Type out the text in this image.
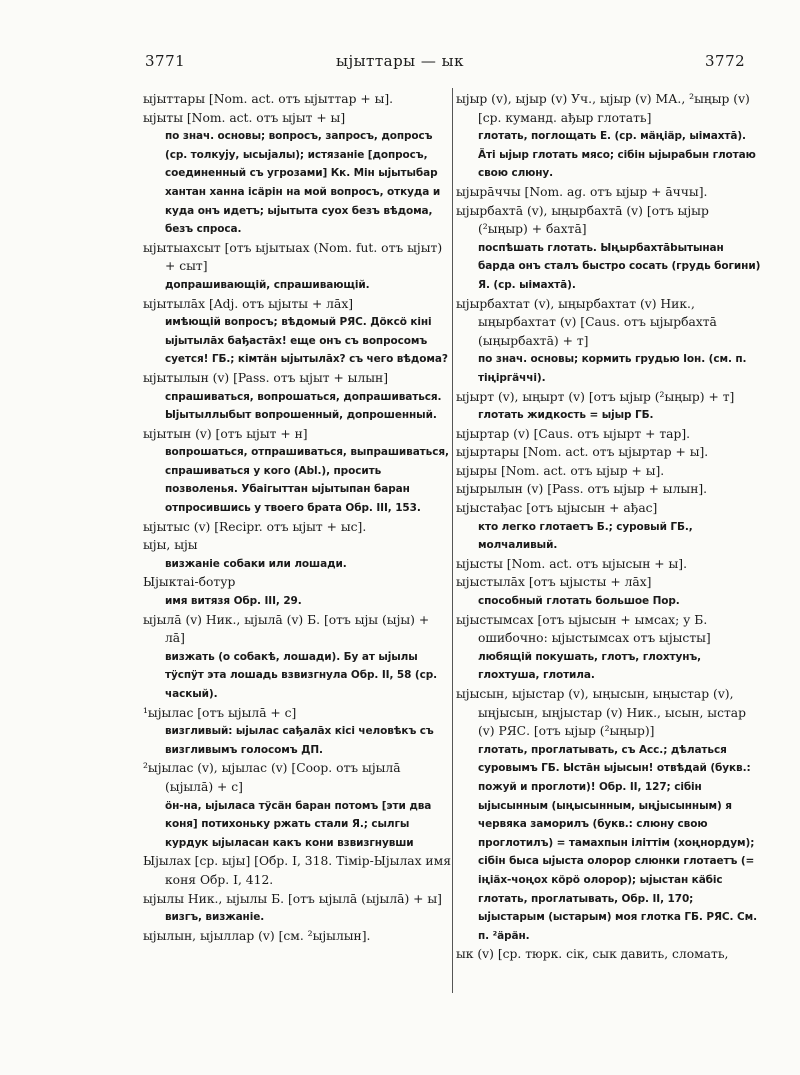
3771	ыјыттары — ык	3772

ыјыттары [Nom. act. отъ ыјыттар + ы].

ыјыты [Nom. act. отъ ыјыт + ы]

по знач. основы; вопросъ, запросъ, допросъ (ср. толкују, ысыјалы); истязаніе [допросъ, соединенный съ угрозами] Кк. Мін ыјытыбар хантан ханна ісäрін на мой вопросъ, откуда и куда онъ идетъ; ыјытыта суох безъ вѣдома, безъ спроса.

ыјытыахсыт [отъ ыјытыах (Nom. fut. отъ ыјыт) + сыт]

допрашивающій, спрашивающій.

ыјытылāх [Adj. отъ ыјыты + лāх]

имѣющій вопросъ; вѣдомый РЯС. Дöксö кіні ыјытылāх бађастāх! еще онъ съ вопросомъ суется! ГБ.; кімтäн ыјытылāх? съ чего вѣдома?

ыјытылын (v) [Pass. отъ ыјыт + ылын]

спрашиваться, вопрошаться, допрашиваться. Ыјытыллыбыт вопрошенный, допрошенный.

ыјытын (v) [отъ ыјыт + н]

вопрошаться, отпрашиваться, выпрашиваться, спрашиваться у кого (Abl.), просить позволенья. Убаiгыттан ыјытыпан баран отпросившись у твоего брата Обр. III, 153.

ыјытыс (v) [Recipr. отъ ыјыт + ыс].

ыјы, ыјы

визжаніе собаки или лошади.

Ыјыктаі-ботур

имя витязя Обр. III, 29.

ыјылā (v) Ник., ыјылā (v) Б. [отъ ыјы (ыјы) + лā]

визжать (о собакѣ, лошади). Бу ат ыјылы тÿспÿт эта лошадь взвизгнула Обр. II, 58 (ср. часкый).

¹ыјылас [отъ ыјылā + с]

визгливый: ыјылас сађалāх кісі человѣкъ съ визгливымъ голосомъ ДП.

²ыјылас (v), ыјылас (v) [Coop. отъ ыјылā (ыјылā) + с]

öн-на, ыјыласа тÿсäн баран потомъ [эти два коня] потихоньку ржать стали Я.; сылгы курдук ыјыласан какъ кони взвизгнувши

Ыјылах [ср. ыјы] [Обр. I, 318. Тімір-Ыјылах имя коня Обр. I, 412.

ыјылы Ник., ыјылы Б. [отъ ыјылā (ыјылā) + ы]

визгъ, визжаніе.

ыјылын, ыјыллар (v) [см. ²ыјылын].

ыјыр (v), ыјыр (v) Уч., ыјыр (v) МА., ²ыңыр (v) [ср. куманд. ађыр глотать]

глотать, поглощать Е. (ср. мäңіäр, ыімахтā). Äті ыјыр глотать мясо; сібін ыјырабын глотаю свою слюну.

ыјырāччы [Nom. ag. отъ ыјыр + āччы].

ыјырбахтā (v), ыңырбахтā (v) [отъ ыјыр (²ыңыр) + бахтā]

поспѣшать глотать. Ыңырбахтābытынан барда онъ сталъ быстро сосать (грудь богини) Я. (ср. ыімахтā).

ыјырбахтат (v), ыңырбахтат (v) Ник., ыңырбахтат (v) [Caus. отъ ыјырбахтā (ыңырбахтā) + т]

по знач. основы; кормить грудью Іон. (см. п. тіңіргäччі).

ыјырт (v), ыңырт (v) [отъ ыјыр (²ыңыр) + т]

глотать жидкость = ыјыр ГБ.

ыјыртар (v) [Caus. отъ ыјырт + тар].

ыјыртары [Nom. act. отъ ыјыртар + ы].

ыјыры [Nom. act. отъ ыјыр + ы].

ыјырылын (v) [Pass. отъ ыјыр + ылын].

ыјыстађас [отъ ыјысын + ађас]

кто легко глотаетъ Б.; суровый ГБ., молчаливый.

ыјысты [Nom. act. отъ ыјысын + ы].

ыјыстылāх [отъ ыјысты + лāх]

способный глотать большое Пор.

ыјыстымсах [отъ ыјысын + ымсах; у Б. ошибочно: ыјыстымсах отъ ыјысты]

любящій покушать, глотъ, глохтунъ, глохтуша, глотила.

ыјысын, ыјыстар (v), ыңысын, ыңыстар (v), ыңјысын, ыңјыстар (v) Ник., ысын, ыстар (v) РЯС. [отъ ыјыр (²ыңыр)]

глотать, проглатывать, съ Acc.; дѣлаться суровымъ ГБ. Ыстāн ыјысын! отвѣдай (букв.: пожуй и проглоти)! Обр. II, 127; сібін ыјысынным (ыңысынным, ыңјысынным) я червяка заморилъ (букв.: слюну свою проглотилъ) = тамахпын іліттім (хоңнордум); сібін быса ыјыста олорор слюнки глотаетъ (= іңіäх-чоңох кöрö олорор); ыјыстан кäбіс глотать, проглатывать, Обр. II, 170; ыјыстарым (ыстарым) моя глотка ГБ. РЯС. См. п. ²äрäн.

ык (v) [ср. тюрк. сік, сык давить, сломать,
